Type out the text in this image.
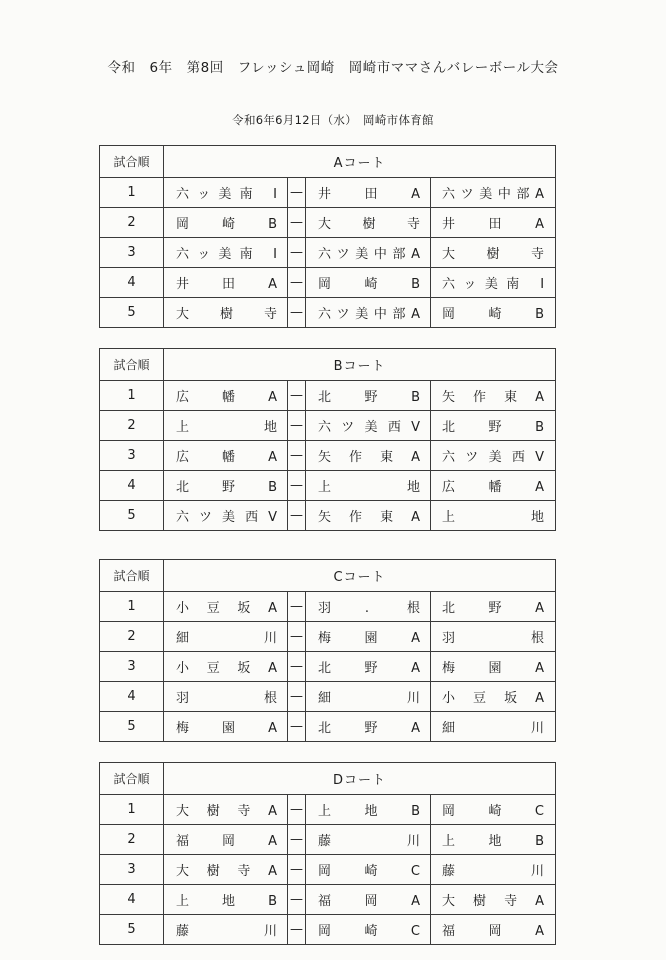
令和　6年　第8回　フレッシュ岡崎　岡崎市ママさんバレーボール大会
令和6年6月12日（水）　岡崎市体育館
試合順	Aコート	
1	六ッ美南 I	—	井 田 A	六ツ美中部A	
2	岡 崎 B	—	大 樹 寺	井 田 A	
3	六ッ美南 I	—	六ツ美中部A	大 樹 寺	
4	井 田 A	—	岡 崎 B	六ッ美南 I	
5	大 樹 寺	—	六ツ美中部A	岡 崎 B	
試合順	Bコート	
1	広 幡 A	—	北 野 B	矢 作 東 A	
2	上 地	—	六 ツ 美 西 V	北 野 B	
3	広 幡 A	—	矢 作 東 A	六 ツ 美 西 V	
4	北 野 B	—	上 地	広 幡 A	
5	六 ツ 美 西 V	—	矢 作 東 A	上 地	
試合順	Cコート	
1	小 豆 坂 A	—	羽. 根	北 野 A	
2	細 川	—	梅 園 A	羽 根	
3	小 豆 坂 A	—	北 野 A	梅 園 A	
4	羽 根	—	細 川	小 豆 坂 A	
5	梅 園 A	—	北 野 A	細 川	
試合順	Dコート	
1	大 樹 寺 A	—	上 地 B	岡 崎 C	
2	福 岡 A	—	藤 川	上 地 B	
3	大 樹 寺 A	—	岡 崎 C	藤 川	
4	上 地 B	—	福 岡 A	大 樹 寺 A	
5	藤 川	—	岡 崎 C	福 岡 A	
